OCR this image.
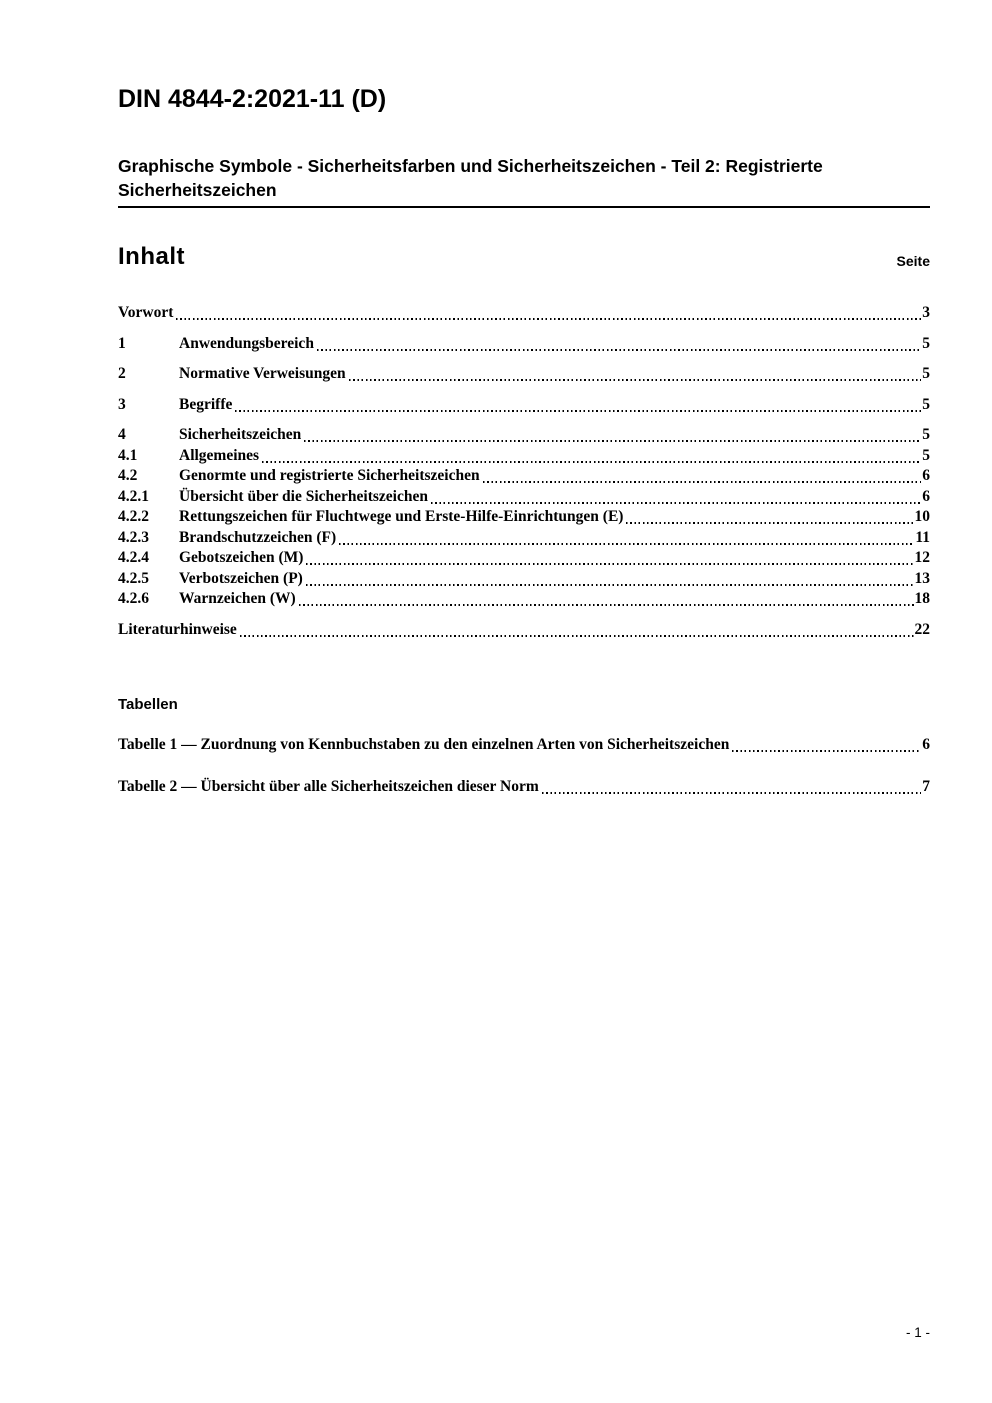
DIN 4844-2:2021-11 (D)
Graphische Symbole - Sicherheitsfarben und Sicherheitszeichen - Teil 2: Registrierte Sicherheitszeichen
Inhalt	Seite
Vorwort	3
1	Anwendungsbereich	5
2	Normative Verweisungen	5
3	Begriffe	5
4	Sicherheitszeichen	5
4.1	Allgemeines	5
4.2	Genormte und registrierte Sicherheitszeichen	6
4.2.1	Übersicht über die Sicherheitszeichen	6
4.2.2	Rettungszeichen für Fluchtwege und Erste-Hilfe-Einrichtungen (E)	10
4.2.3	Brandschutzzeichen (F)	11
4.2.4	Gebotszeichen (M)	12
4.2.5	Verbotszeichen (P)	13
4.2.6	Warnzeichen (W)	18
Literaturhinweise	22
Tabellen
Tabelle 1 — Zuordnung von Kennbuchstaben zu den einzelnen Arten von Sicherheitszeichen	6
Tabelle 2 — Übersicht über alle Sicherheitszeichen dieser Norm	7
- 1 -
